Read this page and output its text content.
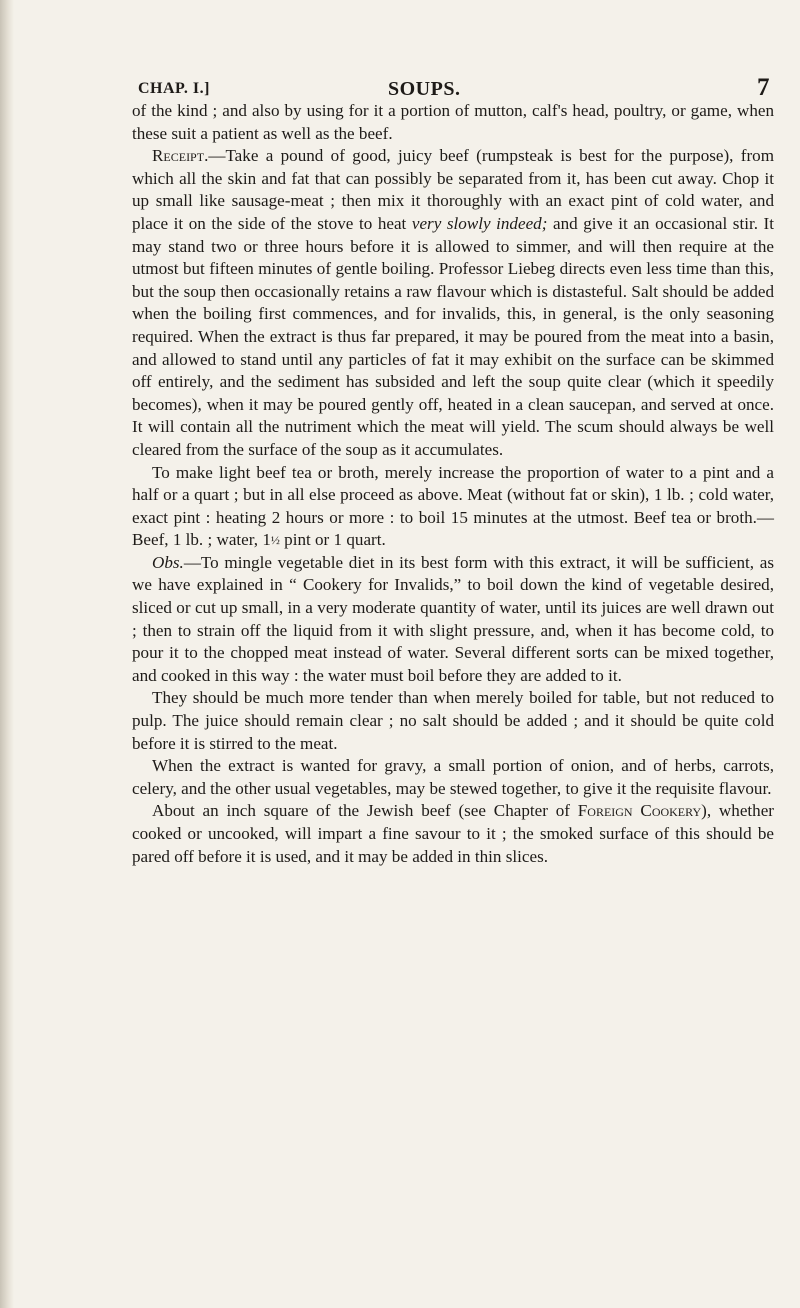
CHAP. I.]	SOUPS.	7

of the kind ; and also by using for it a portion of mutton, calf's head, poultry, or game, when these suit a patient as well as the beef.

Receipt.—Take a pound of good, juicy beef (rumpsteak is best for the purpose), from which all the skin and fat that can possibly be separated from it, has been cut away. Chop it up small like sausage-meat ; then mix it thoroughly with an exact pint of cold water, and place it on the side of the stove to heat very slowly indeed; and give it an occasional stir. It may stand two or three hours before it is allowed to simmer, and will then require at the utmost but fifteen minutes of gentle boiling. Professor Liebeg directs even less time than this, but the soup then occasionally retains a raw flavour which is distasteful. Salt should be added when the boiling first commences, and for invalids, this, in general, is the only seasoning required. When the extract is thus far prepared, it may be poured from the meat into a basin, and allowed to stand until any particles of fat it may exhibit on the surface can be skimmed off entirely, and the sediment has subsided and left the soup quite clear (which it speedily becomes), when it may be poured gently off, heated in a clean saucepan, and served at once. It will contain all the nutriment which the meat will yield. The scum should always be well cleared from the surface of the soup as it accumulates.

To make light beef tea or broth, merely increase the proportion of water to a pint and a half or a quart ; but in all else proceed as above. Meat (without fat or skin), 1 lb. ; cold water, exact pint : heating 2 hours or more : to boil 15 minutes at the utmost. Beef tea or broth.—Beef, 1 lb. ; water, 1½ pint or 1 quart.

Obs.—To mingle vegetable diet in its best form with this extract, it will be sufficient, as we have explained in “ Cookery for Invalids,” to boil down the kind of vegetable desired, sliced or cut up small, in a very moderate quantity of water, until its juices are well drawn out ; then to strain off the liquid from it with slight pressure, and, when it has become cold, to pour it to the chopped meat instead of water. Several different sorts can be mixed together, and cooked in this way : the water must boil before they are added to it.

They should be much more tender than when merely boiled for table, but not reduced to pulp. The juice should remain clear ; no salt should be added ; and it should be quite cold before it is stirred to the meat.

When the extract is wanted for gravy, a small portion of onion, and of herbs, carrots, celery, and the other usual vegetables, may be stewed together, to give it the requisite flavour.

About an inch square of the Jewish beef (see Chapter of Foreign Cookery), whether cooked or uncooked, will impart a fine savour to it ; the smoked surface of this should be pared off before it is used, and it may be added in thin slices.
